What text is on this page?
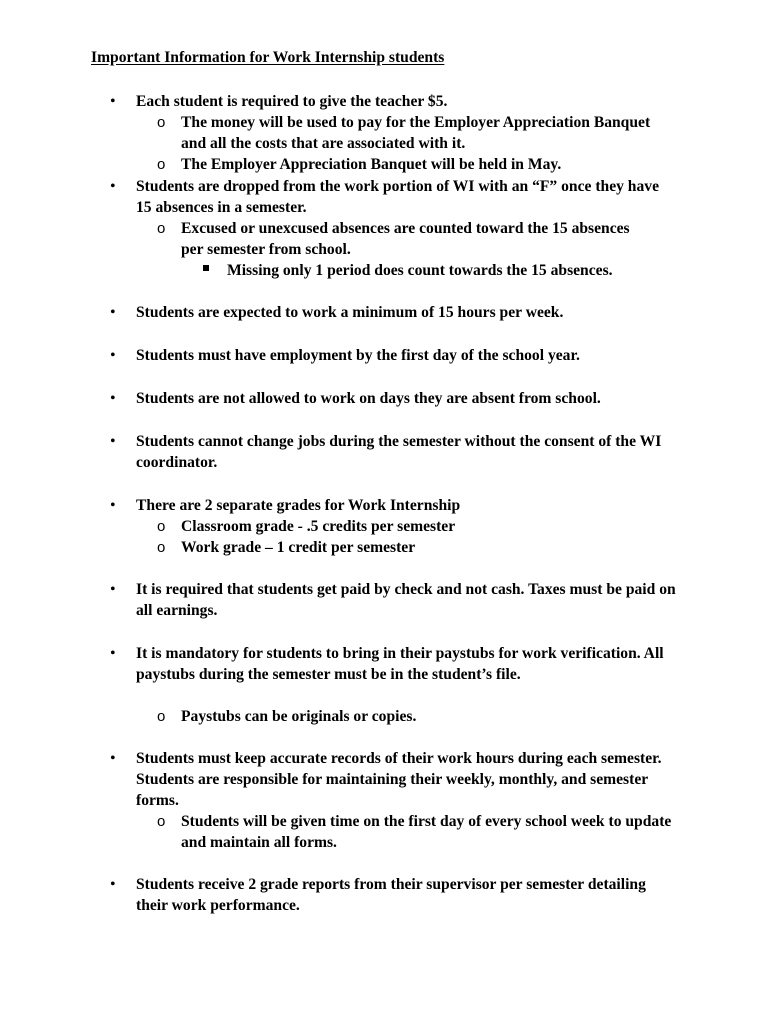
Important Information for Work Internship students
• Each student is required to give the teacher $5.
o The money will be used to pay for the Employer Appreciation Banquet and all the costs that are associated with it.
o The Employer Appreciation Banquet will be held in May.
• Students are dropped from the work portion of WI with an “F” once they have 15 absences in a semester.
o Excused or unexcused absences are counted toward the 15 absences per semester from school.
Missing only 1 period does count towards the 15 absences.
• Students are expected to work a minimum of 15 hours per week.
• Students must have employment by the first day of the school year.
• Students are not allowed to work on days they are absent from school.
• Students cannot change jobs during the semester without the consent of the WI coordinator.
• There are 2 separate grades for Work Internship
o Classroom grade - .5 credits per semester
o Work grade – 1 credit per semester
• It is required that students get paid by check and not cash. Taxes must be paid on all earnings.
• It is mandatory for students to bring in their paystubs for work verification. All paystubs during the semester must be in the student’s file.
o Paystubs can be originals or copies.
• Students must keep accurate records of their work hours during each semester. Students are responsible for maintaining their weekly, monthly, and semester forms.
o Students will be given time on the first day of every school week to update and maintain all forms.
• Students receive 2 grade reports from their supervisor per semester detailing their work performance.
